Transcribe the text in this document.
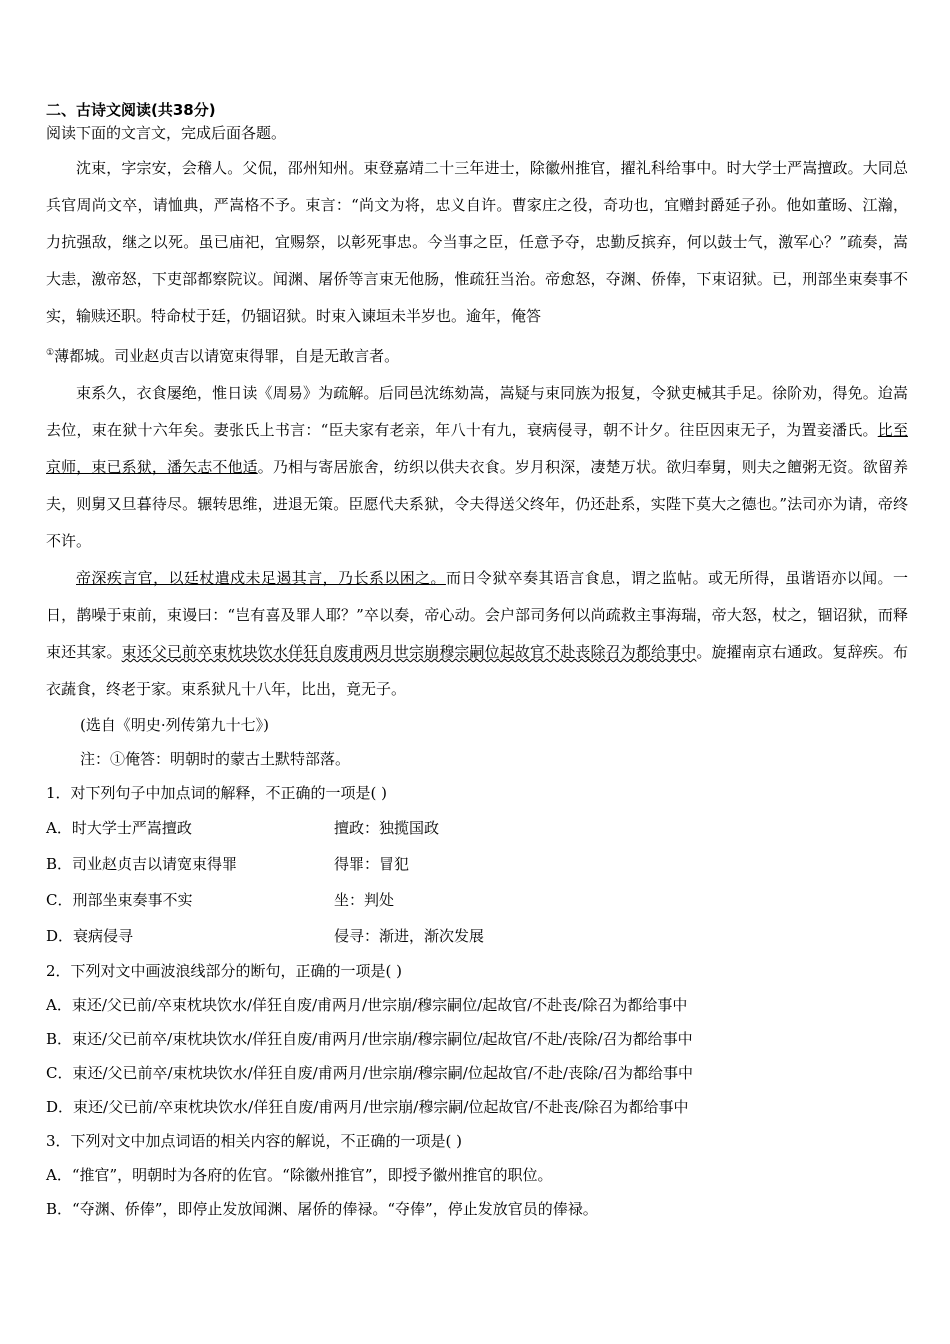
二、古诗文阅读(共38分)

阅读下面的文言文，完成后面各题。

沈束，字宗安，会稽人。父侃，邵州知州。束登嘉靖二十三年进士，除徽州推官，擢礼科给事中。时大学士严嵩擅政。大同总兵官周尚文卒，请恤典，严嵩格不予。束言：“尚文为将，忠义自许。曹家庄之役，奇功也，宜赠封爵延子孙。他如董旸、江瀚，力抗强敌，继之以死。虽已庙祀，宜赐祭，以彰死事忠。今当事之臣，任意予夺，忠勤反摈弃，何以鼓士气，激军心？”疏奏，嵩大恚，激帝怒，下吏部都察院议。闻渊、屠侨等言束无他肠，惟疏狂当治。帝愈怒，夺渊、侨俸，下束诏狱。已，刑部坐束奏事不实，输赎还职。特命杖于廷，仍锢诏狱。时束入谏垣未半岁也。逾年，俺答
①薄都城。司业赵贞吉以请宽束得罪，自是无敢言者。

束系久，衣食屡绝，惟日读《周易》为疏解。后同邑沈练劾嵩，嵩疑与束同族为报复，令狱吏械其手足。徐阶劝，得免。迨嵩去位，束在狱十六年矣。妻张氏上书言：“臣夫家有老亲，年八十有九，衰病侵寻，朝不计夕。往臣因束无子，为置妾潘氏。比至京师，束已系狱，潘矢志不他适。乃相与寄居旅舍，纺织以供夫衣食。岁月积深，凄楚万状。欲归奉舅，则夫之饘粥无资。欲留养夫，则舅又旦暮待尽。辗转思维，进退无策。臣愿代夫系狱，令夫得送父终年，仍还赴系，实陛下莫大之德也。”法司亦为请，帝终不许。

帝深疾言官，以廷杖遣戍未足遏其言，乃长系以困之。而日令狱卒奏其语言食息，谓之监帖。或无所得，虽谐语亦以闻。一日，鹊噪于束前，束谩曰：“岂有喜及罪人耶？”卒以奏，帝心动。会户部司务何以尚疏救主事海瑞，帝大怒，杖之，锢诏狱，而释束还其家。束还父已前卒束枕块饮水佯狂自废甫两月世宗崩穆宗嗣位起故官不赴丧除召为都给事中。旋擢南京右通政。复辞疾。布衣蔬食，终老于家。束系狱凡十八年，比出，竟无子。

(选自《明史·列传第九十七》)

注：①俺答：明朝时的蒙古土默特部落。

1．对下列句子中加点词的解释，不正确的一项是( )

A．时大学士严嵩擅政	擅政：独揽国政
B．司业赵贞吉以请宽束得罪	得罪：冒犯
C．刑部坐束奏事不实	坐：判处
D．衰病侵寻	侵寻：渐进，渐次发展

2．下列对文中画波浪线部分的断句，正确的一项是( )

A．束还/父已前/卒束枕块饮水/佯狂自废/甫两月/世宗崩/穆宗嗣位/起故官/不赴丧/除召为都给事中

B．束还/父已前卒/束枕块饮水/佯狂自废/甫两月/世宗崩/穆宗嗣位/起故官/不赴/丧除/召为都给事中

C．束还/父已前卒/束枕块饮水/佯狂自废/甫两月/世宗崩/穆宗嗣/位起故官/不赴/丧除/召为都给事中

D．束还/父已前/卒束枕块饮水/佯狂自废/甫两月/世宗崩/穆宗嗣/位起故官/不赴丧/除召为都给事中

3．下列对文中加点词语的相关内容的解说，不正确的一项是( )

A．“推官”，明朝时为各府的佐官。“除徽州推官”，即授予徽州推官的职位。

B．“夺渊、侨俸”，即停止发放闻渊、屠侨的俸禄。“夺俸”，停止发放官员的俸禄。
